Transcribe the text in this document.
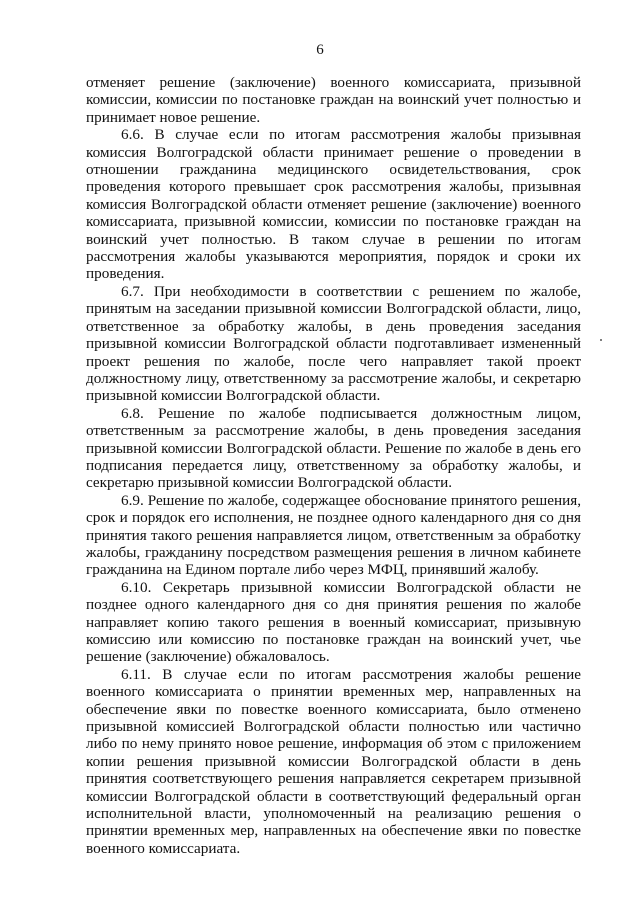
6

отменяет решение (заключение) военного комиссариата, призывной комиссии, комиссии по постановке граждан на воинский учет полностью и принимает новое решение.

6.6. В случае если по итогам рассмотрения жалобы призывная комиссия Волгоградской области принимает решение о проведении в отношении гражданина медицинского освидетельствования, срок проведения которого превышает срок рассмотрения жалобы, призывная комиссия Волгоградской области отменяет решение (заключение) военного комиссариата, призывной комиссии, комиссии по постановке граждан на воинский учет полностью. В таком случае в решении по итогам рассмотрения жалобы указываются мероприятия, порядок и сроки их проведения.

6.7. При необходимости в соответствии с решением по жалобе, принятым на заседании призывной комиссии Волгоградской области, лицо, ответственное за обработку жалобы, в день проведения заседания призывной комиссии Волгоградской области подготавливает измененный проект решения по жалобе, после чего направляет такой проект должностному лицу, ответственному за рассмотрение жалобы, и секретарю призывной комиссии Волгоградской области.

6.8. Решение по жалобе подписывается должностным лицом, ответственным за рассмотрение жалобы, в день проведения заседания призывной комиссии Волгоградской области. Решение по жалобе в день его подписания передается лицу, ответственному за обработку жалобы, и секретарю призывной комиссии Волгоградской области.

6.9. Решение по жалобе, содержащее обоснование принятого решения, срок и порядок его исполнения, не позднее одного календарного дня со дня принятия такого решения направляется лицом, ответственным за обработку жалобы, гражданину посредством размещения решения в личном кабинете гражданина на Едином портале либо через МФЦ, принявший жалобу.

6.10. Секретарь призывной комиссии Волгоградской области не позднее одного календарного дня со дня принятия решения по жалобе направляет копию такого решения в военный комиссариат, призывную комиссию или комиссию по постановке граждан на воинский учет, чье решение (заключение) обжаловалось.

6.11. В случае если по итогам рассмотрения жалобы решение военного комиссариата о принятии временных мер, направленных на обеспечение явки по повестке военного комиссариата, было отменено призывной комиссией Волгоградской области полностью или частично либо по нему принято новое решение, информация об этом с приложением копии решения призывной комиссии Волгоградской области в день принятия соответствующего решения направляется секретарем призывной комиссии Волгоградской области в соответствующий федеральный орган исполнительной власти, уполномоченный на реализацию решения о принятии временных мер, направленных на обеспечение явки по повестке военного комиссариата.
